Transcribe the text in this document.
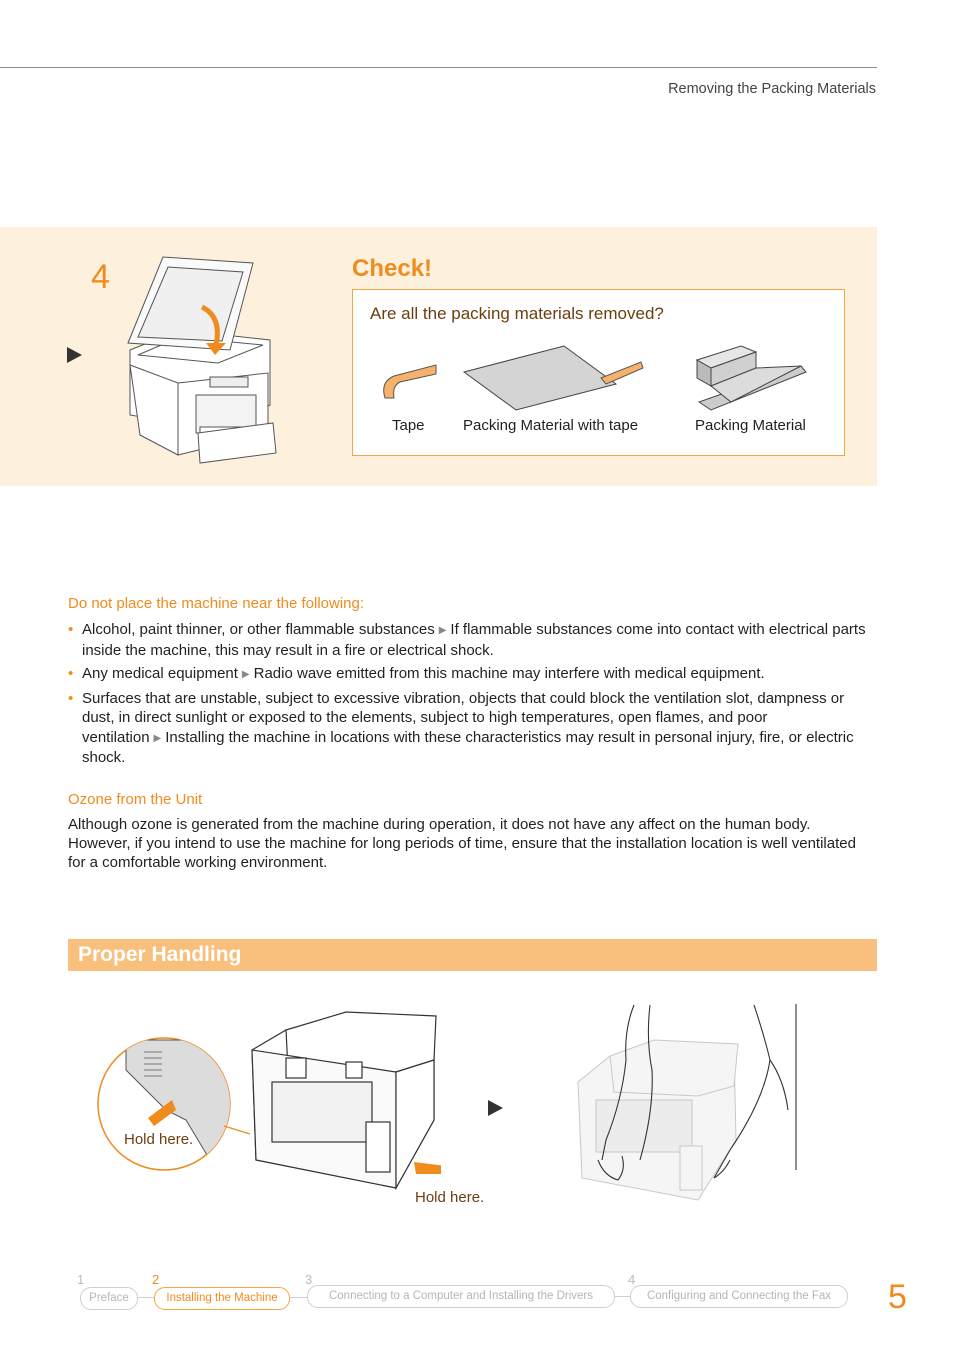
Removing the Packing Materials
4	Check!
Are all the packing materials removed?
Tape	Packing Material with tape	Packing Material
Do not place the machine near the following:
• Alcohol, paint thinner, or other flammable substances ▶ If flammable substances come into contact with electrical parts inside the machine, this may result in a fire or electrical shock.
• Any medical equipment ▶ Radio wave emitted from this machine may interfere with medical equipment.
• Surfaces that are unstable, subject to excessive vibration, objects that could block the ventilation slot, dampness or dust, in direct sunlight or exposed to the elements, subject to high temperatures, open flames, and poor ventilation ▶ Installing the machine in locations with these characteristics may result in personal injury, fire, or electric shock.
Ozone from the Unit
Although ozone is generated from the machine during operation, it does not have any affect on the human body. However, if you intend to use the machine for long periods of time, ensure that the installation location is well ventilated for a comfortable working environment.
Proper Handling
Hold here.
Hold here.
1
Preface
2
Installing the Machine
3
Connecting to a Computer and Installing the Drivers
4
Configuring and Connecting the Fax	5
